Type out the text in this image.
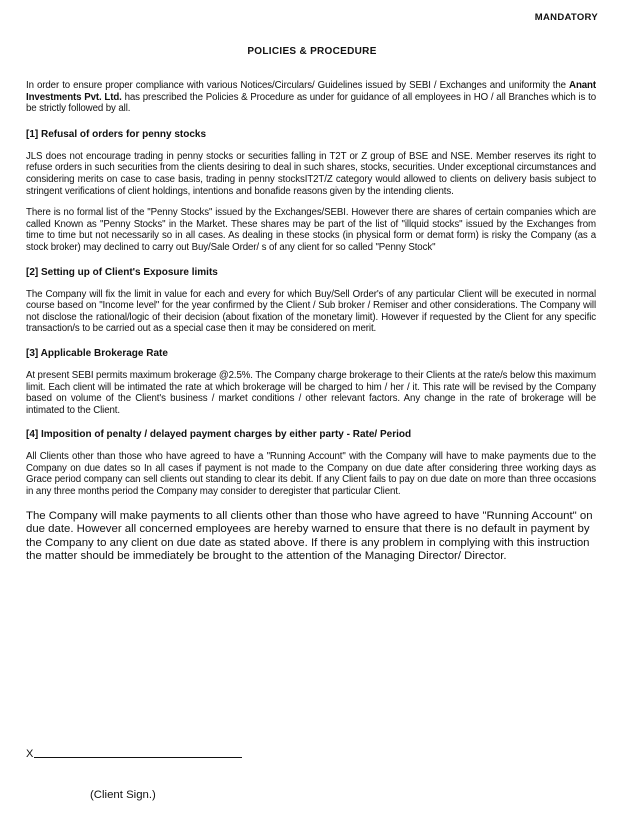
MANDATORY
POLICIES & PROCEDURE

In order to ensure proper compliance with various Notices/Circulars/ Guidelines issued by SEBI / Exchanges and uniformity the Anant Investments Pvt. Ltd. has prescribed the Policies & Procedure as under for guidance of all employees in HO / all Branches which is to be strictly followed by all.

[1] Refusal of orders for penny stocks

JLS does not encourage trading in penny stocks or securities falling in T2T or Z group of BSE and NSE. Member reserves its right to refuse orders in such securities from the clients desiring to deal in such shares, stocks, securities. Under exceptional circumstances and considering merits on case to case basis, trading in penny stocksIT2T/Z category would allowed to clients on delivery basis subject to stringent verifications of client holdings, intentions and bonafide reasons given by the intending clients.

There is no formal list of the "Penny Stocks" issued by the Exchanges/SEBI. However there are shares of certain companies which are called Known as "Penny Stocks" in the Market. These shares may be part of the list of "illquid stocks" issued by the Exchanges from time to time but not necessarily so in all cases. As dealing in these stocks (in physical form or demat form) is risky the Company (as a stock broker) may declined to carry out Buy/Sale Order/ s of any client for so called "Penny Stock"

[2] Setting up of Client's Exposure limits

The Company will fix the limit in value for each and every for which Buy/Sell Order's of any particular Client will be executed in normal course based on "Income level" for the year confirmed by the Client / Sub broker / Remiser and other considerations. The Company will not disclose the rational/logic of their decision (about fixation of the monetary limit). However if requested by the Client for any specific transaction/s to be carried out as a special case then it may be considered on merit.

[3] Applicable Brokerage Rate

At present SEBI permits maximum brokerage @2.5%. The Company charge brokerage to their Clients at the rate/s below this maximum limit. Each client will be intimated the rate at which brokerage will be charged to him / her / it. This rate will be revised by the Company based on volume of the Client's business / market conditions / other relevant factors. Any change in the rate of brokerage will be intimated to the Client.

[4] Imposition of penalty / delayed payment charges by either party - Rate/ Period

All Clients other than those who have agreed to have a "Running Account" with the Company will have to make payments due to the Company on due dates so In all cases if payment is not made to the Company on due date after considering three working days as Grace period company can sell clients out standing to clear its debit. If any Client fails to pay on due date on more than three occasions in any three months period the Company may consider to deregister that particular Client.

The Company will make payments to all clients other than those who have agreed to have "Running Account" on due date. However all concerned employees are hereby warned to ensure that there is no default in payment by the Company to any client on due date as stated above. If there is any problem in complying with this instruction the matter should be immediately be brought to the attention of the Managing Director/ Director.

X
(Client Sign.)
